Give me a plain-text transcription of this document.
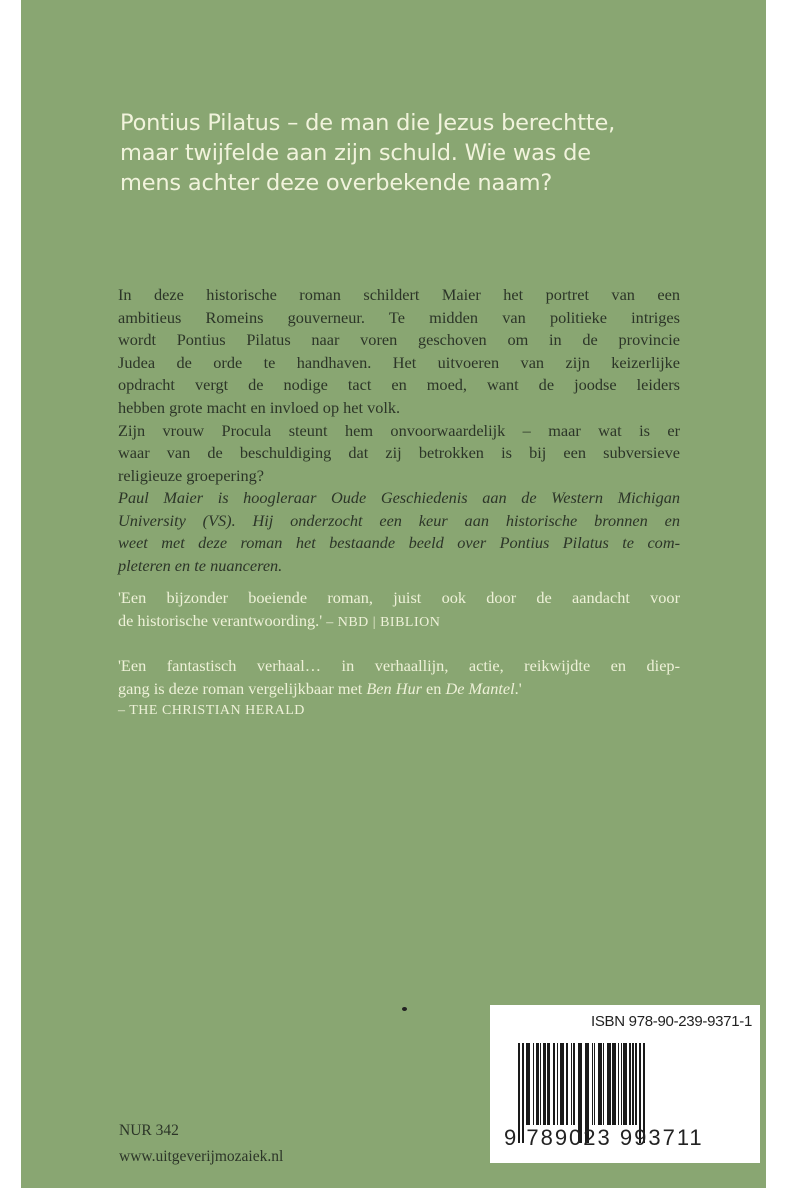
Pontius Pilatus – de man die Jezus berechtte,
maar twijfelde aan zijn schuld. Wie was de
mens achter deze overbekende naam?
In deze historische roman schildert Maier het portret van een
ambitieus Romeins gouverneur. Te midden van politieke intriges
wordt Pontius Pilatus naar voren geschoven om in de provincie
Judea de orde te handhaven. Het uitvoeren van zijn keizerlijke
opdracht vergt de nodige tact en moed, want de joodse leiders
hebben grote macht en invloed op het volk.
Zijn vrouw Procula steunt hem onvoorwaardelijk – maar wat is er
waar van de beschuldiging dat zij betrokken is bij een subversieve
religieuze groepering?
Paul Maier is hoogleraar Oude Geschiedenis aan de Western Michigan
University (VS). Hij onderzocht een keur aan historische bronnen en
weet met deze roman het bestaande beeld over Pontius Pilatus te com-
pleteren en te nuanceren.
'Een bijzonder boeiende roman, juist ook door de aandacht voor
de historische verantwoording.' – NBD | BIBLION
'Een fantastisch verhaal… in verhaallijn, actie, reikwijdte en diep-
gang is deze roman vergelijkbaar met Ben Hur en De Mantel.'
– THE CHRISTIAN HERALD
NUR 342
www.uitgeverijmozaiek.nl
ISBN 978-90-239-9371-1
9 789023 993711
